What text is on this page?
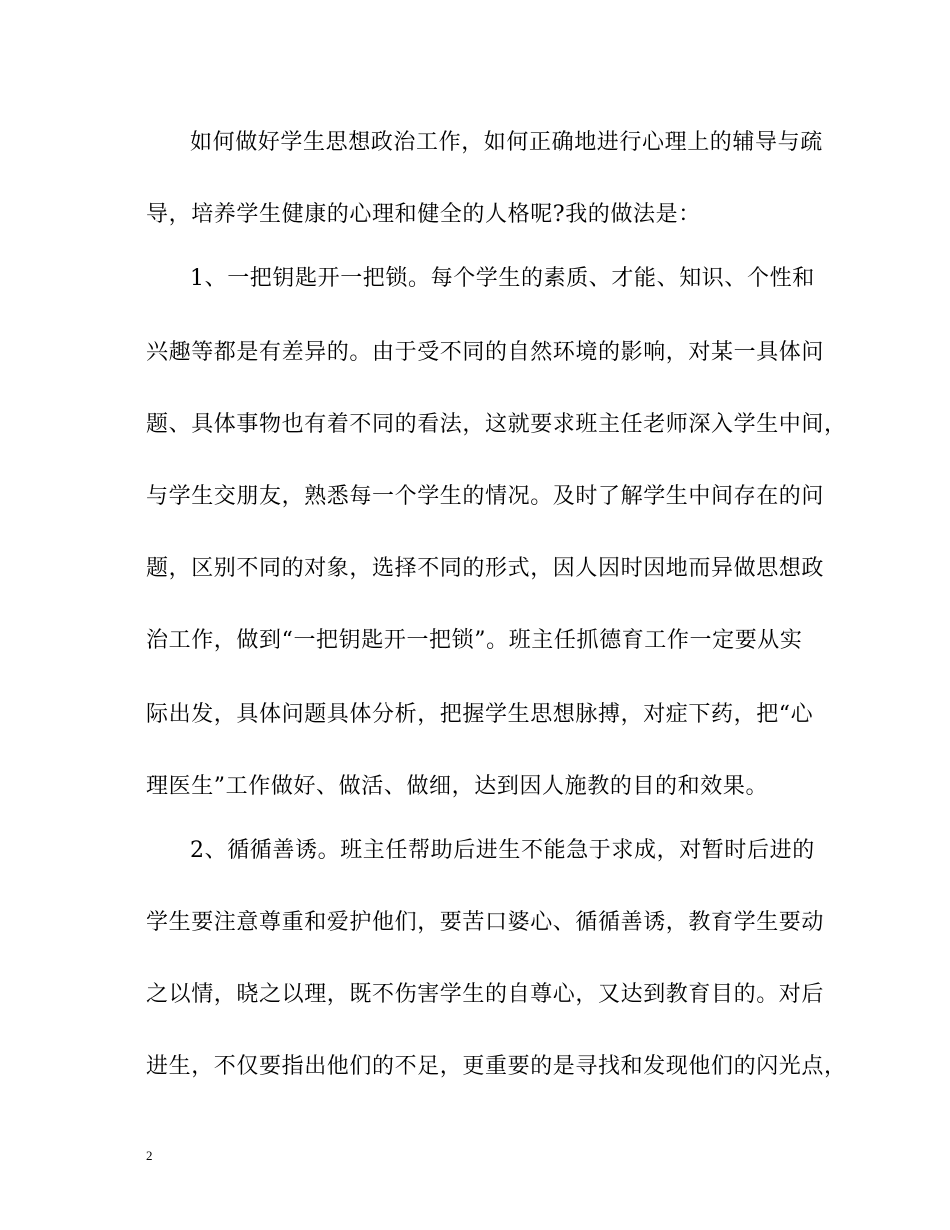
如何做好学生思想政治工作，如何正确地进行心理上的辅导与疏
导，培养学生健康的心理和健全的人格呢?我的做法是：
1、一把钥匙开一把锁。每个学生的素质、才能、知识、个性和
兴趣等都是有差异的。由于受不同的自然环境的影响，对某一具体问
题、具体事物也有着不同的看法，这就要求班主任老师深入学生中间，
与学生交朋友，熟悉每一个学生的情况。及时了解学生中间存在的问
题，区别不同的对象，选择不同的形式，因人因时因地而异做思想政
治工作，做到“一把钥匙开一把锁”。班主任抓德育工作一定要从实
际出发，具体问题具体分析，把握学生思想脉搏，对症下药，把“心
理医生”工作做好、做活、做细，达到因人施教的目的和效果。
2、循循善诱。班主任帮助后进生不能急于求成，对暂时后进的
学生要注意尊重和爱护他们，要苦口婆心、循循善诱，教育学生要动
之以情，晓之以理，既不伤害学生的自尊心，又达到教育目的。对后
进生，不仅要指出他们的不足，更重要的是寻找和发现他们的闪光点，
2
